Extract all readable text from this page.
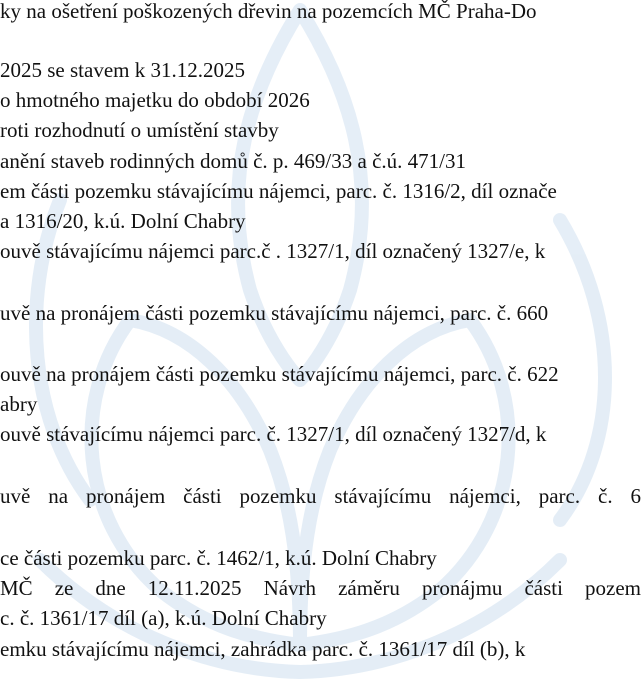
ky na ošetření poškozených dřevin na pozemcích MČ Praha-Do
2025 se stavem k 31.12.2025
o hmotného majetku do období 2026
roti rozhodnutí o umístění stavby
anění staveb rodinných domů č. p. 469/33 a č.ú. 471/31
em části pozemku stávajícímu nájemci, parc. č. 1316/2, díl označe
a 1316/20, k.ú. Dolní Chabry
ouvě stávajícímu nájemci parc.č . 1327/1, díl označený 1327/e, k
uvě na pronájem části pozemku stávajícímu nájemci, parc. č. 660
ouvě na pronájem části pozemku stávajícímu nájemci, parc. č. 622
abry
ouvě stávajícímu nájemci parc. č. 1327/1, díl označený 1327/d, k
uvě na pronájem části pozemku stávajícímu nájemci, parc. č. 6
ce části pozemku parc. č. 1462/1, k.ú. Dolní Chabry
MČ ze dne 12.11.2025 Návrh záměru pronájmu části pozem
c. č. 1361/17 díl (a), k.ú. Dolní Chabry
emku stávajícímu nájemci, zahrádka parc. č. 1361/17 díl (b), k
